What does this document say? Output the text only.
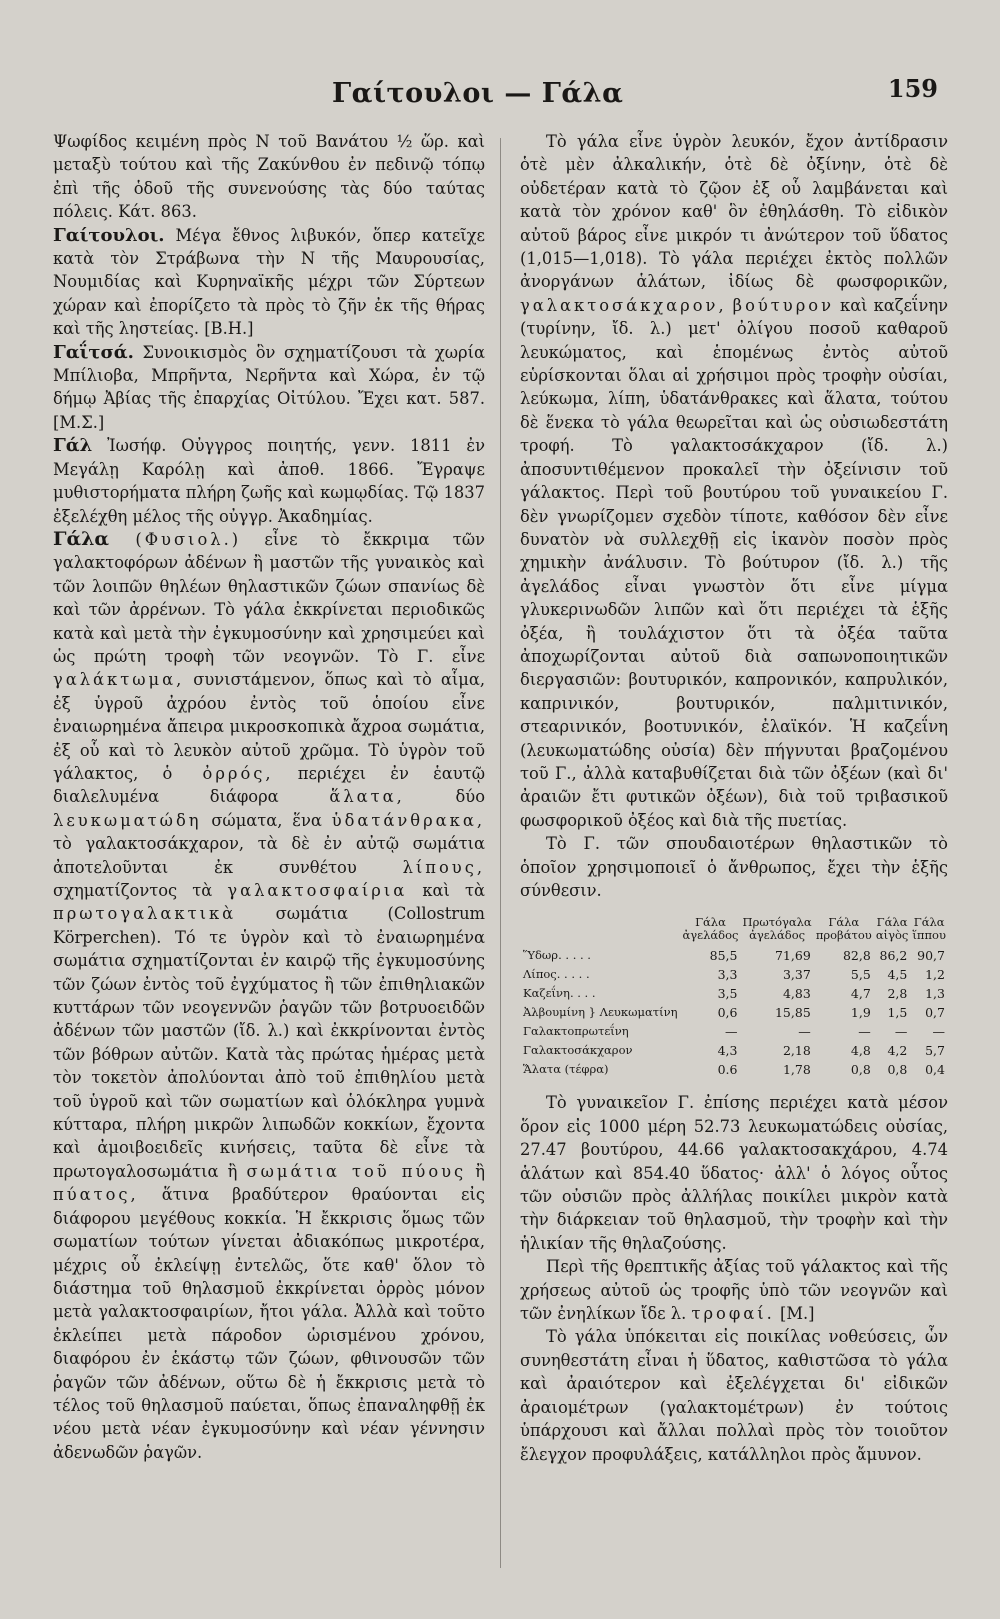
Γαίτουλοι — Γάλα	159

Ψωφίδος κειμένη πρὸς Ν τοῦ Βανάτου ½ ὥρ. καὶ μεταξὺ τούτου καὶ τῆς Ζακύνθου ἐν πεδινῷ τόπῳ ἐπὶ τῆς ὁδοῦ τῆς συνενούσης τὰς δύο ταύτας πόλεις. Κάτ. 863.

Γαίτουλοι. Μέγα ἔθνος λιβυκόν, ὅπερ κατεῖχε κατὰ τὸν Στράβωνα τὴν Ν τῆς Μαυρουσίας, Νουμιδίας καὶ Κυρηναϊκῆς μέχρι τῶν Σύρτεων χώραν καὶ ἐπορίζετο τὰ πρὸς τὸ ζῆν ἐκ τῆς θήρας καὶ τῆς ληστείας. [Β.Η.]

Γαΐτσά. Συνοικισμὸς ὃν σχηματίζουσι τὰ χωρία Μπίλιοβα, Μπρῆντα, Νερῆντα καὶ Χώρα, ἐν τῷ δήμῳ Ἀβίας τῆς ἐπαρχίας Οἰτύλου. Ἔχει κατ. 587. [Μ.Σ.]

Γάλ Ἰωσήφ. Οὐγγρος ποιητής, γενν. 1811 ἐν Μεγάλῃ Καρόλῃ καὶ ἀποθ. 1866. Ἔγραψε μυθιστορήματα πλήρη ζωῆς καὶ κωμῳδίας. Τῷ 1837 ἐξελέχθη μέλος τῆς οὐγγρ. Ἀκαδημίας.

Γάλα (Φυσιολ.) εἶνε τὸ ἔκκριμα τῶν γαλακτοφόρων ἀδένων ἢ μαστῶν τῆς γυναικὸς καὶ τῶν λοιπῶν θηλέων θηλαστικῶν ζώων σπανίως δὲ καὶ τῶν ἀρρένων. Τὸ γάλα ἐκκρίνεται περιοδικῶς κατὰ καὶ μετὰ τὴν ἐγκυμοσύνην καὶ χρησιμεύει καὶ ὡς πρώτη τροφὴ τῶν νεογνῶν. Τὸ Γ. εἶνε γαλάκτωμα, συνιστάμενον, ὅπως καὶ τὸ αἷμα, ἐξ ὑγροῦ ἀχρόου ἐντὸς τοῦ ὁποίου εἶνε ἐναιωρημένα ἄπειρα μικροσκοπικὰ ἄχροα σωμάτια, ἐξ οὗ καὶ τὸ λευκὸν αὐτοῦ χρῶμα. Τὸ ὑγρὸν τοῦ γάλακτος, ὁ ὀρρός, περιέχει ἐν ἑαυτῷ διαλελυμένα διάφορα ἅλατα, δύο λευκωματώδη σώματα, ἕνα ὑδατάνθρακα, τὸ γαλακτοσάκχαρον, τὰ δὲ ἐν αὐτῷ σωμάτια ἀποτελοῦνται ἐκ συνθέτου λίπους, σχηματίζοντος τὰ γαλακτοσφαίρια καὶ τὰ πρωτογαλακτικὰ σωμάτια (Collostrum Körperchen). Τό τε ὑγρὸν καὶ τὸ ἐναιωρημένα σωμάτια σχηματίζονται ἐν καιρῷ τῆς ἐγκυμοσύνης τῶν ζώων ἐντὸς τοῦ ἐγχύματος ἢ τῶν ἐπιθηλιακῶν κυττάρων τῶν νεογεννῶν ῥαγῶν τῶν βοτρυοειδῶν ἀδένων τῶν μαστῶν (ἴδ. λ.) καὶ ἐκκρίνονται ἐντὸς τῶν βόθρων αὐτῶν. Κατὰ τὰς πρώτας ἡμέρας μετὰ τὸν τοκετὸν ἀπολύονται ἀπὸ τοῦ ἐπιθηλίου μετὰ τοῦ ὑγροῦ καὶ τῶν σωματίων καὶ ὁλόκληρα γυμνὰ κύτταρα, πλήρη μικρῶν λιπωδῶν κοκκίων, ἔχοντα καὶ ἀμοιβοειδεῖς κινήσεις, ταῦτα δὲ εἶνε τὰ πρωτογαλοσωμάτια ἢ σωμάτια τοῦ πύους ἢ πύατος, ἅτινα βραδύτερον θραύονται εἰς διάφορου μεγέθους κοκκία. Ἡ ἔκκρισις ὅμως τῶν σωματίων τούτων γίνεται ἀδιακόπως μικροτέρα, μέχρις οὗ ἐκλείψῃ ἐντελῶς, ὅτε καθ' ὅλον τὸ διάστημα τοῦ θηλασμοῦ ἐκκρίνεται ὀρρὸς μόνον μετὰ γαλακτοσφαιρίων, ἤτοι γάλα. Ἀλλὰ καὶ τοῦτο ἐκλείπει μετὰ πάροδον ὡρισμένου χρόνου, διαφόρου ἐν ἑκάστῳ τῶν ζώων, φθινουσῶν τῶν ῥαγῶν τῶν ἀδένων, οὕτω δὲ ἡ ἔκκρισις μετὰ τὸ τέλος τοῦ θηλασμοῦ παύεται, ὅπως ἐπαναληφθῇ ἐκ νέου μετὰ νέαν ἐγκυμοσύνην καὶ νέαν γέννησιν ἀδενωδῶν ῥαγῶν.

Τὸ γάλα εἶνε ὑγρὸν λευκόν, ἔχον ἀντίδρασιν ὁτὲ μὲν ἀλκαλικήν, ὁτὲ δὲ ὀξίνην, ὁτὲ δὲ οὐδετέραν κατὰ τὸ ζῷον ἐξ οὗ λαμβάνεται καὶ κατὰ τὸν χρόνον καθ' ὃν ἐθηλάσθη. Τὸ εἰδικὸν αὐτοῦ βάρος εἶνε μικρόν τι ἀνώτερον τοῦ ὕδατος (1,015—1,018). Τὸ γάλα περιέχει ἐκτὸς πολλῶν ἀνοργάνων ἁλάτων, ἰδίως δὲ φωσφορικῶν, γαλακτοσάκχαρον, βούτυρον καὶ καζεΐνην (τυρίνην, ἴδ. λ.) μετ' ὀλίγου ποσοῦ καθαροῦ λευκώματος, καὶ ἑπομένως ἐντὸς αὐτοῦ εὑρίσκονται ὅλαι αἱ χρήσιμοι πρὸς τροφὴν οὐσίαι, λεύκωμα, λίπη, ὑδατάνθρακες καὶ ἅλατα, τούτου δὲ ἕνεκα τὸ γάλα θεωρεῖται καὶ ὡς οὐσιωδεστάτη τροφή. Τὸ γαλακτοσάκχαρον (ἴδ. λ.) ἀποσυντιθέμενον προκαλεῖ τὴν ὀξείνισιν τοῦ γάλακτος. Περὶ τοῦ βουτύρου τοῦ γυναικείου Γ. δὲν γνωρίζομεν σχεδὸν τίποτε, καθόσον δὲν εἶνε δυνατὸν νὰ συλλεχθῇ εἰς ἱκανὸν ποσὸν πρὸς χημικὴν ἀνάλυσιν. Τὸ βούτυρον (ἴδ. λ.) τῆς ἀγελάδος εἶναι γνωστὸν ὅτι εἶνε μίγμα γλυκερινωδῶν λιπῶν καὶ ὅτι περιέχει τὰ ἑξῆς ὀξέα, ἢ τουλάχιστον ὅτι τὰ ὀξέα ταῦτα ἀποχωρίζονται αὐτοῦ διὰ σαπωνοποιητικῶν διεργασιῶν: βουτυρικόν, καπρονικόν, καπρυλικόν, καπρινικόν, βουτυρικόν, παλμιτινικόν, στεαρινικόν, βοοτυνικόν, ἐλαϊκόν. Ἡ καζεΐνη (λευκωματώδης οὐσία) δὲν πήγνυται βραζομένου τοῦ Γ., ἀλλὰ καταβυθίζεται διὰ τῶν ὀξέων (καὶ δι' ἀραιῶν ἔτι φυτικῶν ὀξέων), διὰ τοῦ τριβασικοῦ φωσφορικοῦ ὀξέος καὶ διὰ τῆς πυετίας.

Τὸ Γ. τῶν σπουδαιοτέρων θηλαστικῶν τὸ ὁποῖον χρησιμοποιεῖ ὁ ἄνθρωπος, ἔχει τὴν ἑξῆς σύνθεσιν.

	Γάλα ἀγελάδος	Πρωτόγαλα ἀγελάδος	Γάλα προβάτου	Γάλα αἰγὸς	Γάλα ἵππου
Ὕδωρ. . . . .	85,5	71,69	82,8	86,2	90,7
Λίπος. . . . .	3,3	3,37	5,5	4,5	1,2
Καζεΐνη. . . .	3,5	4,83	4,7	2,8	1,3
Ἀλβουμίνη } Λευκωματίνη	0,6	15,85	1,9	1,5	0,7
Γαλακτοπρωτεΐνη	—	—	—	—	—
Γαλακτοσάκχαρον	4,3	2,18	4,8	4,2	5,7
Ἅλατα (τέφρα)	0.6	1,78	0,8	0,8	0,4

Τὸ γυναικεῖον Γ. ἐπίσης περιέχει κατὰ μέσον ὅρον εἰς 1000 μέρη 52.73 λευκωματώδεις οὐσίας, 27.47 βουτύρου, 44.66 γαλακτοσακχάρου, 4.74 ἁλάτων καὶ 854.40 ὕδατος· ἀλλ' ὁ λόγος οὗτος τῶν οὐσιῶν πρὸς ἀλλήλας ποικίλει μικρὸν κατὰ τὴν διάρκειαν τοῦ θηλασμοῦ, τὴν τροφὴν καὶ τὴν ἡλικίαν τῆς θηλαζούσης.

Περὶ τῆς θρεπτικῆς ἀξίας τοῦ γάλακτος καὶ τῆς χρήσεως αὐτοῦ ὡς τροφῆς ὑπὸ τῶν νεογνῶν καὶ τῶν ἐνηλίκων ἴδε λ. τροφαί. [Μ.]

Τὸ γάλα ὑπόκειται εἰς ποικίλας νοθεύσεις, ὧν συνηθεστάτη εἶναι ἡ ὕδατος, καθιστῶσα τὸ γάλα καὶ ἀραιότερον καὶ ἐξελέγχεται δι' εἰδικῶν ἀραιομέτρων (γαλακτομέτρων) ἐν τούτοις ὑπάρχουσι καὶ ἄλλαι πολλαὶ πρὸς τὸν τοιοῦτον ἔλεγχον προφυλάξεις, κατάλληλοι πρὸς ἄμυνον.
